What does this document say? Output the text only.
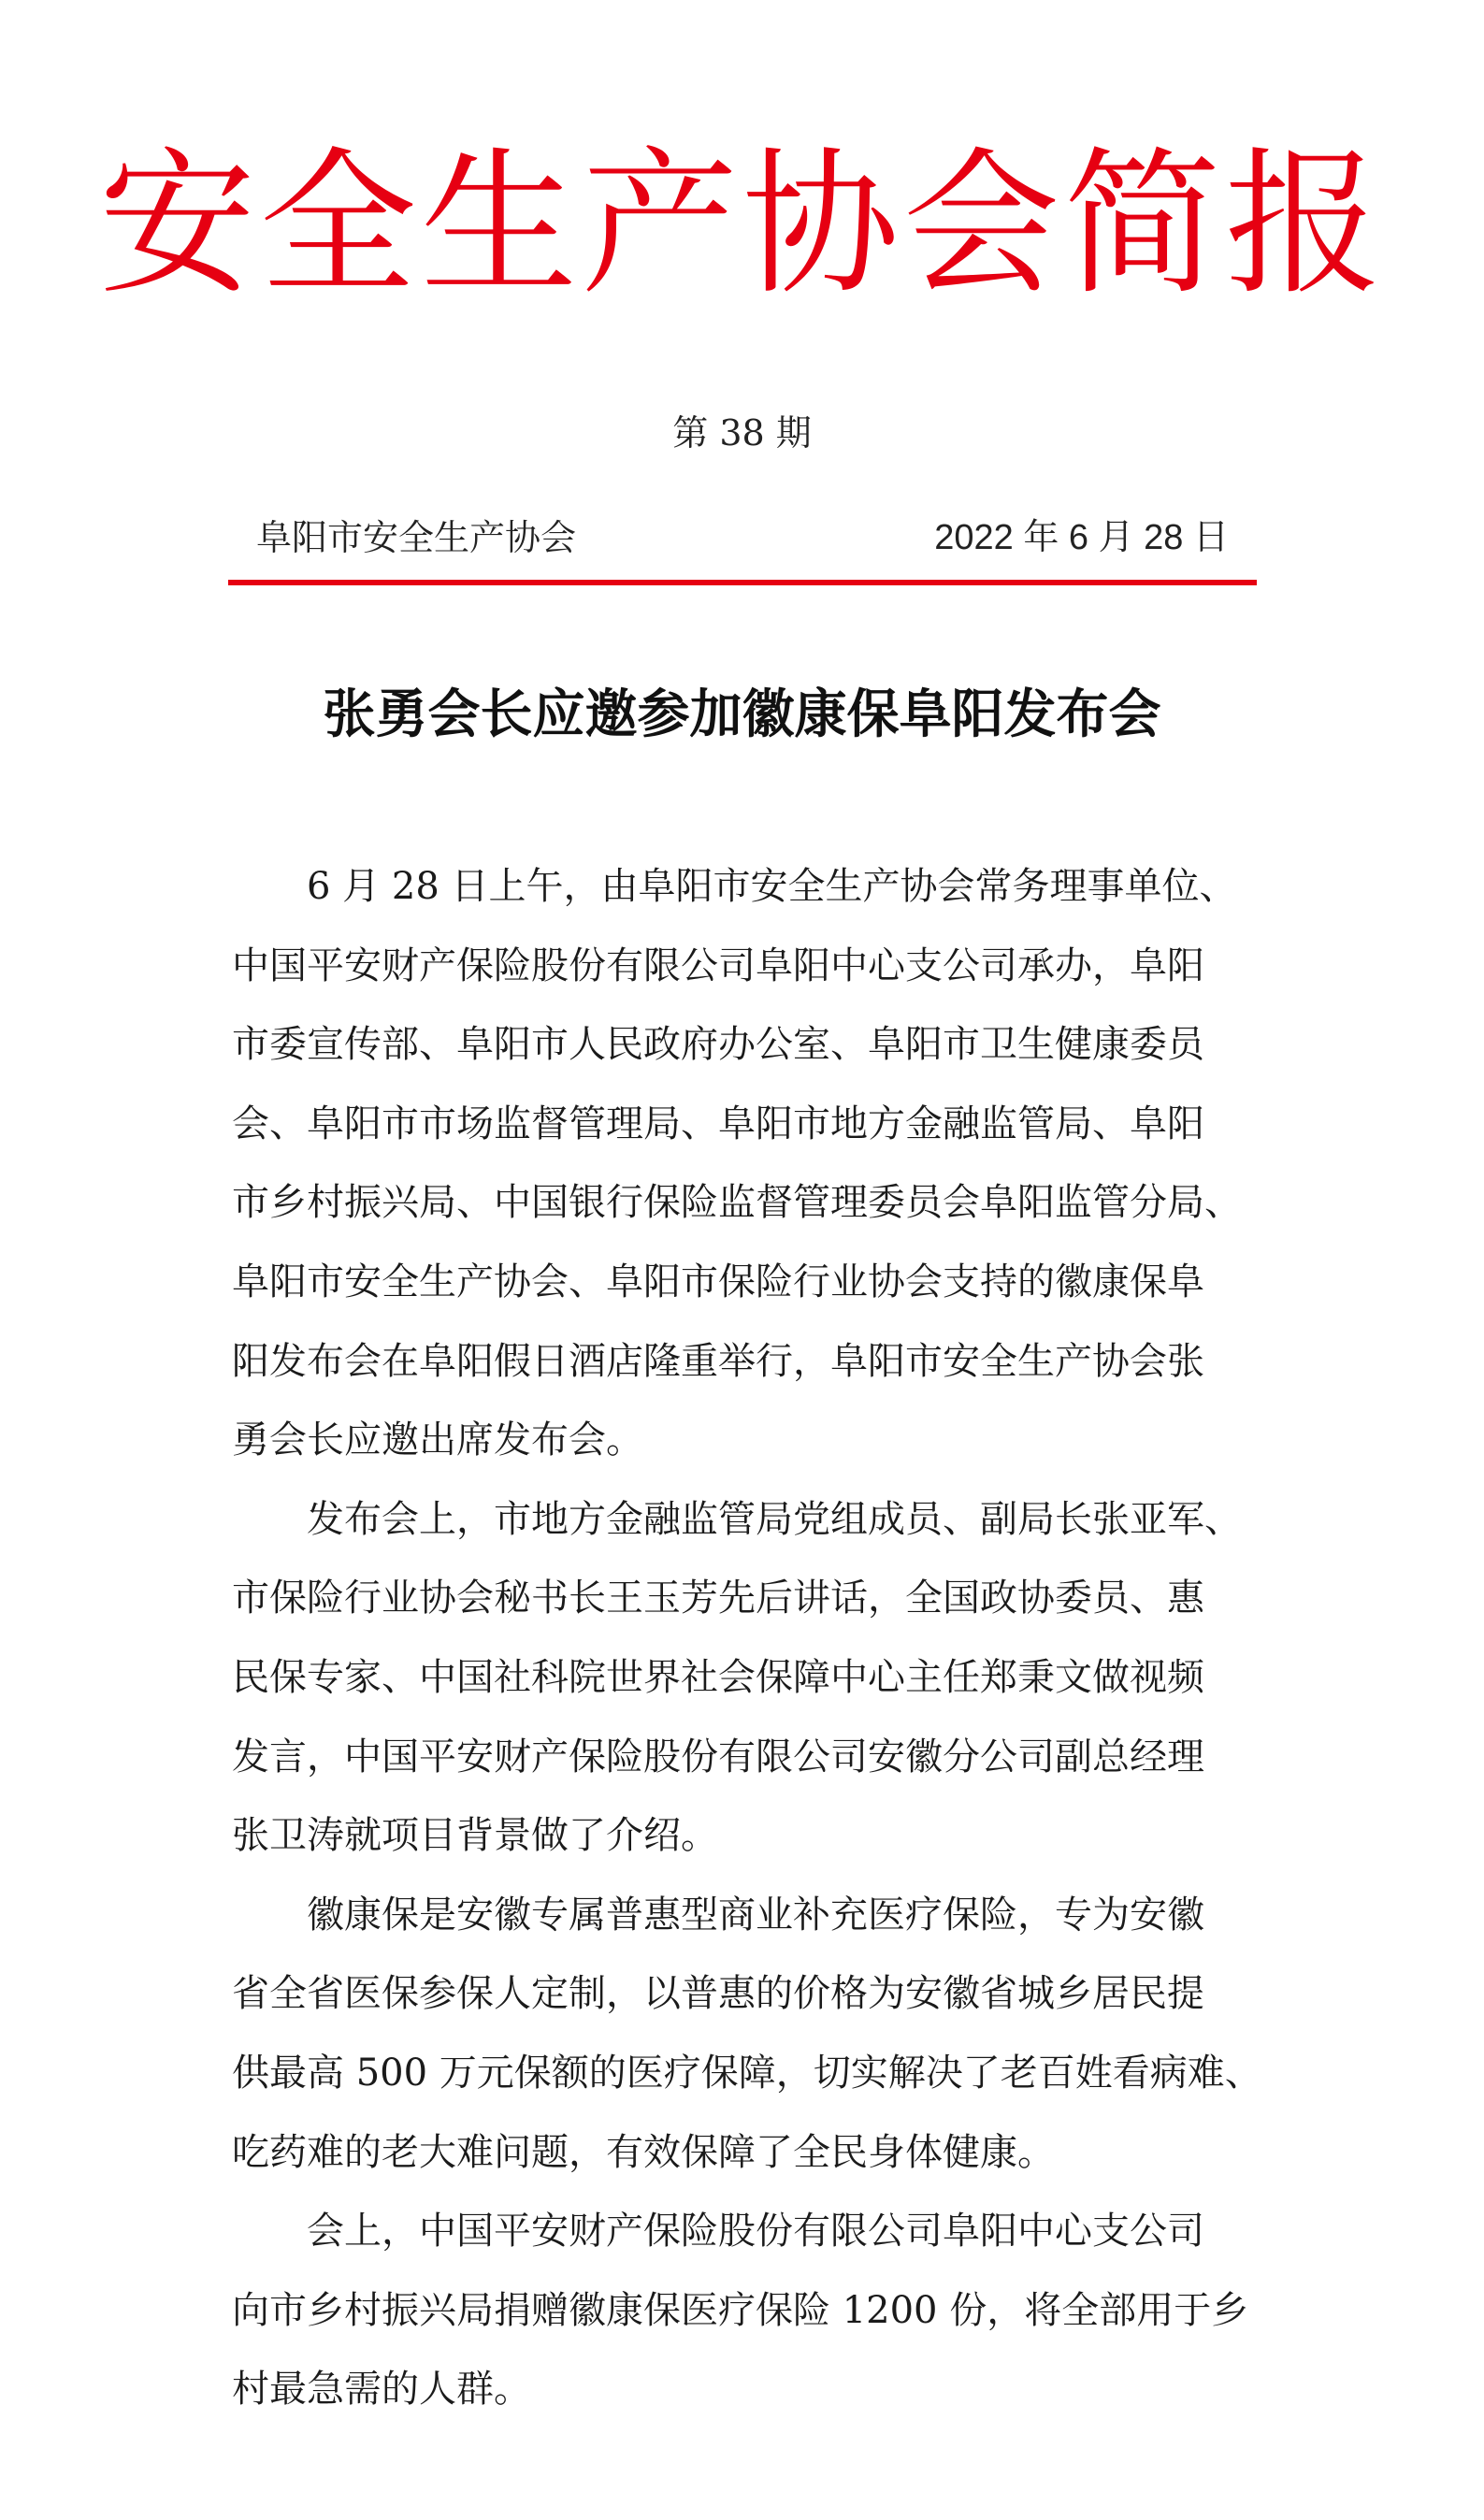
安全生产协会简报
第 38 期
阜阳市安全生产协会	2022 年 6 月 28 日
张勇会长应邀参加徽康保阜阳发布会
6 月 28 日上午，由阜阳市安全生产协会常务理事单位、
中国平安财产保险股份有限公司阜阳中心支公司承办，阜阳
市委宣传部、阜阳市人民政府办公室、阜阳市卫生健康委员
会、阜阳市市场监督管理局、阜阳市地方金融监管局、阜阳
市乡村振兴局、中国银行保险监督管理委员会阜阳监管分局、
阜阳市安全生产协会、阜阳市保险行业协会支持的徽康保阜
阳发布会在阜阳假日酒店隆重举行，阜阳市安全生产协会张
勇会长应邀出席发布会。
发布会上，市地方金融监管局党组成员、副局长张亚军、
市保险行业协会秘书长王玉芳先后讲话，全国政协委员、惠
民保专家、中国社科院世界社会保障中心主任郑秉文做视频
发言，中国平安财产保险股份有限公司安徽分公司副总经理
张卫涛就项目背景做了介绍。
徽康保是安徽专属普惠型商业补充医疗保险，专为安徽
省全省医保参保人定制，以普惠的价格为安徽省城乡居民提
供最高 500 万元保额的医疗保障，切实解决了老百姓看病难、
吃药难的老大难问题，有效保障了全民身体健康。
会上，中国平安财产保险股份有限公司阜阳中心支公司
向市乡村振兴局捐赠徽康保医疗保险 1200 份，将全部用于乡
村最急需的人群。
